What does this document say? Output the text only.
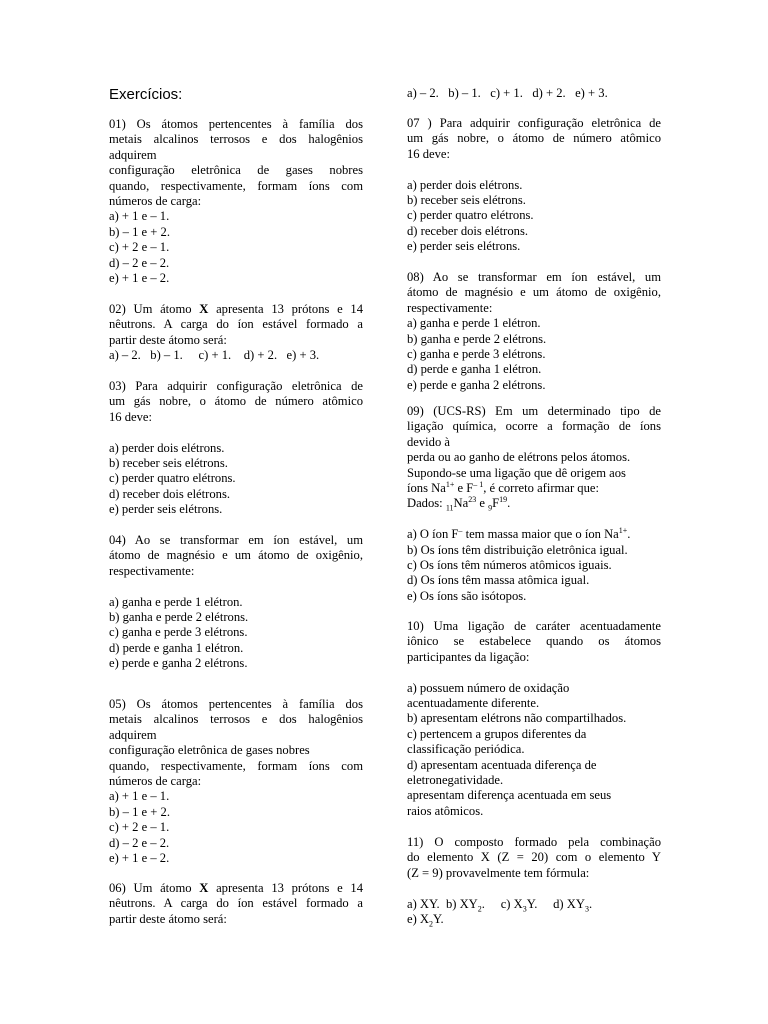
Exercícios:

01) Os átomos pertencentes à família dos

metais alcalinos terrosos e dos halogênios

adquirem

configuração eletrônica de gases nobres

quando, respectivamente, formam íons com

números de carga:

a) + 1 e – 1.

b) – 1 e + 2.

c) + 2 e – 1.

d) – 2 e – 2.

e) + 1 e – 2.

02) Um átomo X apresenta 13 prótons e 14

nêutrons. A carga do íon estável formado a

partir deste átomo será:

a) – 2.   b) – 1.     c) + 1.    d) + 2.   e) + 3.

03) Para adquirir configuração eletrônica de

um gás nobre, o átomo de número atômico

16 deve:

a) perder dois elétrons.

b) receber seis elétrons.

c) perder quatro elétrons.

d) receber dois elétrons.

e) perder seis elétrons.

04) Ao se transformar em íon estável, um

átomo de magnésio e um átomo de oxigênio,

respectivamente:

a) ganha e perde 1 elétron.

b) ganha e perde 2 elétrons.

c) ganha e perde 3 elétrons.

d) perde e ganha 1 elétron.

e) perde e ganha 2 elétrons.

05) Os átomos pertencentes à família dos

metais alcalinos terrosos e dos halogênios

adquirem

configuração eletrônica de gases nobres

quando, respectivamente, formam íons com

números de carga:

a) + 1 e – 1.

b) – 1 e + 2.

c) + 2 e – 1.

d) – 2 e – 2.

e) + 1 e – 2.

06) Um átomo X apresenta 13 prótons e 14

nêutrons. A carga do íon estável formado a

partir deste átomo será:

a) – 2.   b) – 1.   c) + 1.   d) + 2.   e) + 3.

07 ) Para adquirir configuração eletrônica de

um gás nobre, o átomo de número atômico

16 deve:

a) perder dois elétrons.

b) receber seis elétrons.

c) perder quatro elétrons.

d) receber dois elétrons.

e) perder seis elétrons.

08) Ao se transformar em íon estável, um

átomo de magnésio e um átomo de oxigênio,

respectivamente:

a) ganha e perde 1 elétron.

b) ganha e perde 2 elétrons.

c) ganha e perde 3 elétrons.

d) perde e ganha 1 elétron.

e) perde e ganha 2 elétrons.

09) (UCS-RS) Em um determinado tipo de

ligação química, ocorre a formação de íons

devido à

perda ou ao ganho de elétrons pelos átomos.

Supondo-se uma ligação que dê origem aos

íons $Na^{1+}$ e $F^{- 1}$, é correto afirmar que:

Dados: $_{11}Na^{23}$ e $_9F^{19}$.

a) O íon F– tem massa maior que o íon $Na^{1+}$.

b) Os íons têm distribuição eletrônica igual.

c) Os íons têm números atômicos iguais.

d) Os íons têm massa atômica igual.

e) Os íons são isótopos.

10) Uma ligação de caráter acentuadamente

iônico se estabelece quando os átomos

participantes da ligação:

a) possuem número de oxidação

acentuadamente diferente.

b) apresentam elétrons não compartilhados.

c) pertencem a grupos diferentes da

classificação periódica.

d) apresentam acentuada diferença de

eletronegatividade.

apresentam diferença acentuada em seus

raios atômicos.

11) O composto formado pela combinação

do elemento X (Z = 20) com o elemento Y

(Z = 9) provavelmente tem fórmula:

a) XY. b) $XY_2$. c) $X_3Y$. d) $XY_3$.

e) $X_2Y$.
